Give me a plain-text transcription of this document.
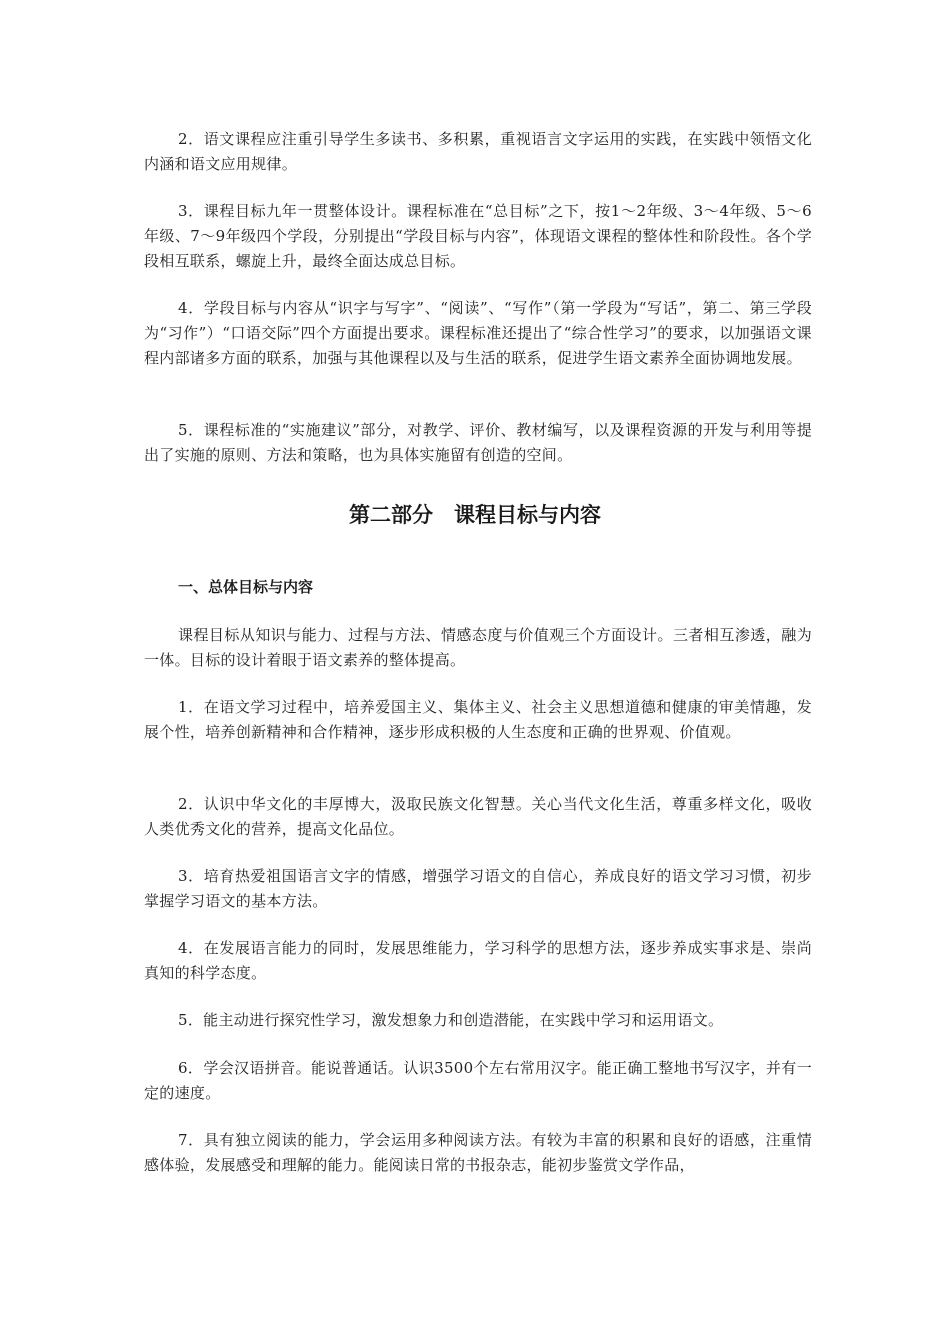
2．语文课程应注重引导学生多读书、多积累，重视语言文字运用的实践，在实践中领悟文化内涵和语文应用规律。

3．课程目标九年一贯整体设计。课程标准在“总目标”之下，按1～2年级、3～4年级、5～6年级、7～9年级四个学段，分别提出“学段目标与内容”，体现语文课程的整体性和阶段性。各个学段相互联系，螺旋上升，最终全面达成总目标。

4．学段目标与内容从“识字与写字”、“阅读”、“写作”（第一学段为“写话”，第二、第三学段为“习作”）“口语交际”四个方面提出要求。课程标准还提出了“综合性学习”的要求，以加强语文课程内部诸多方面的联系，加强与其他课程以及与生活的联系，促进学生语文素养全面协调地发展。

5．课程标准的“实施建议”部分，对教学、评价、教材编写，以及课程资源的开发与利用等提出了实施的原则、方法和策略，也为具体实施留有创造的空间。

第二部分　课程目标与内容
一、总体目标与内容

课程目标从知识与能力、过程与方法、情感态度与价值观三个方面设计。三者相互渗透，融为一体。目标的设计着眼于语文素养的整体提高。

1．在语文学习过程中，培养爱国主义、集体主义、社会主义思想道德和健康的审美情趣，发展个性，培养创新精神和合作精神，逐步形成积极的人生态度和正确的世界观、价值观。

2．认识中华文化的丰厚博大，汲取民族文化智慧。关心当代文化生活，尊重多样文化，吸收人类优秀文化的营养，提高文化品位。

3．培育热爱祖国语言文字的情感，增强学习语文的自信心，养成良好的语文学习习惯，初步掌握学习语文的基本方法。

4．在发展语言能力的同时，发展思维能力，学习科学的思想方法，逐步养成实事求是、崇尚真知的科学态度。

5．能主动进行探究性学习，激发想象力和创造潜能，在实践中学习和运用语文。

6．学会汉语拼音。能说普通话。认识3500个左右常用汉字。能正确工整地书写汉字，并有一定的速度。

7．具有独立阅读的能力，学会运用多种阅读方法。有较为丰富的积累和良好的语感，注重情感体验，发展感受和理解的能力。能阅读日常的书报杂志，能初步鉴赏文学作品，
